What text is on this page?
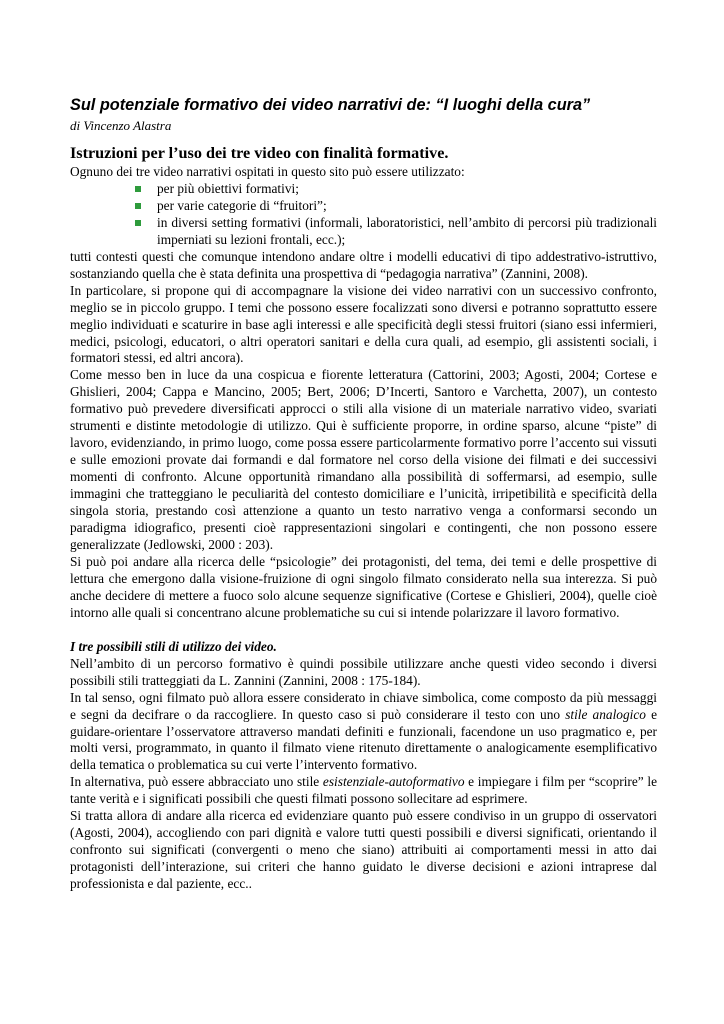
Sul potenziale formativo dei video narrativi de: “I luoghi della cura”
di Vincenzo Alastra
Istruzioni per l’uso dei tre video con finalità formative.

Ognuno dei tre video narrativi ospitati in questo sito può essere utilizzato:

per più obiettivi formativi;
per varie categorie di “fruitori”;
in diversi setting formativi (informali, laboratoristici, nell’ambito di percorsi più tradizionali imperniati su lezioni frontali, ecc.);

tutti contesti questi che comunque intendono andare oltre i modelli educativi di tipo addestrativo-istruttivo, sostanziando quella che è stata definita una prospettiva di “pedagogia narrativa” (Zannini, 2008).

In particolare, si propone qui di accompagnare la visione dei video narrativi con un successivo confronto, meglio se in piccolo gruppo. I temi che possono essere focalizzati sono diversi e potranno soprattutto essere meglio individuati e scaturire in base agli interessi e alle specificità degli stessi fruitori (siano essi infermieri, medici, psicologi, educatori, o altri operatori sanitari e della cura quali, ad esempio, gli assistenti sociali, i formatori stessi, ed altri ancora).

Come messo ben in luce da una cospicua e fiorente letteratura (Cattorini, 2003; Agosti, 2004; Cortese e Ghislieri, 2004; Cappa e Mancino, 2005; Bert, 2006; D’Incerti, Santoro e Varchetta, 2007), un contesto formativo può prevedere diversificati approcci o stili alla visione di un materiale narrativo video, svariati strumenti e distinte metodologie di utilizzo. Qui è sufficiente proporre, in ordine sparso, alcune “piste” di lavoro, evidenziando, in primo luogo, come possa essere particolarmente formativo porre l’accento sui vissuti e sulle emozioni provate dai formandi e dal formatore nel corso della visione dei filmati e dei successivi momenti di confronto. Alcune opportunità rimandano alla possibilità di soffermarsi, ad esempio, sulle immagini che tratteggiano le peculiarità del contesto domiciliare e l’unicità, irripetibilità e specificità della singola storia, prestando così attenzione a quanto un testo narrativo venga a conformarsi secondo un paradigma idiografico, presenti cioè rappresentazioni singolari e contingenti, che non possono essere generalizzate (Jedlowski, 2000 : 203).

Si può poi andare alla ricerca delle “psicologie” dei protagonisti, del tema, dei temi e delle prospettive di lettura che emergono dalla visione-fruizione di ogni singolo filmato considerato nella sua interezza. Si può anche decidere di mettere a fuoco solo alcune sequenze significative (Cortese e Ghislieri, 2004), quelle cioè intorno alle quali si concentrano alcune problematiche su cui si intende polarizzare il lavoro formativo.

I tre possibili stili di utilizzo dei video.

Nell’ambito di un percorso formativo è quindi possibile utilizzare anche questi video secondo i diversi possibili stili tratteggiati da L. Zannini (Zannini, 2008 : 175-184).

In tal senso, ogni filmato può allora essere considerato in chiave simbolica, come composto da più messaggi e segni da decifrare o da raccogliere. In questo caso si può considerare il testo con uno stile analogico e guidare-orientare l’osservatore attraverso mandati definiti e funzionali, facendone un uso pragmatico e, per molti versi, programmato, in quanto il filmato viene ritenuto direttamente o analogicamente esemplificativo della tematica o problematica su cui verte l’intervento formativo.

In alternativa, può essere abbracciato uno stile esistenziale-autoformativo e impiegare i film per “scoprire” le tante verità e i significati possibili che questi filmati possono sollecitare ad esprimere.

Si tratta allora di andare alla ricerca ed evidenziare quanto può essere condiviso in un gruppo di osservatori (Agosti, 2004), accogliendo con pari dignità e valore tutti questi possibili e diversi significati, orientando il confronto sui significati (convergenti o meno che siano) attribuiti ai comportamenti messi in atto dai protagonisti dell’interazione, sui criteri che hanno guidato le diverse decisioni e azioni intraprese dal professionista e dal paziente, ecc..
